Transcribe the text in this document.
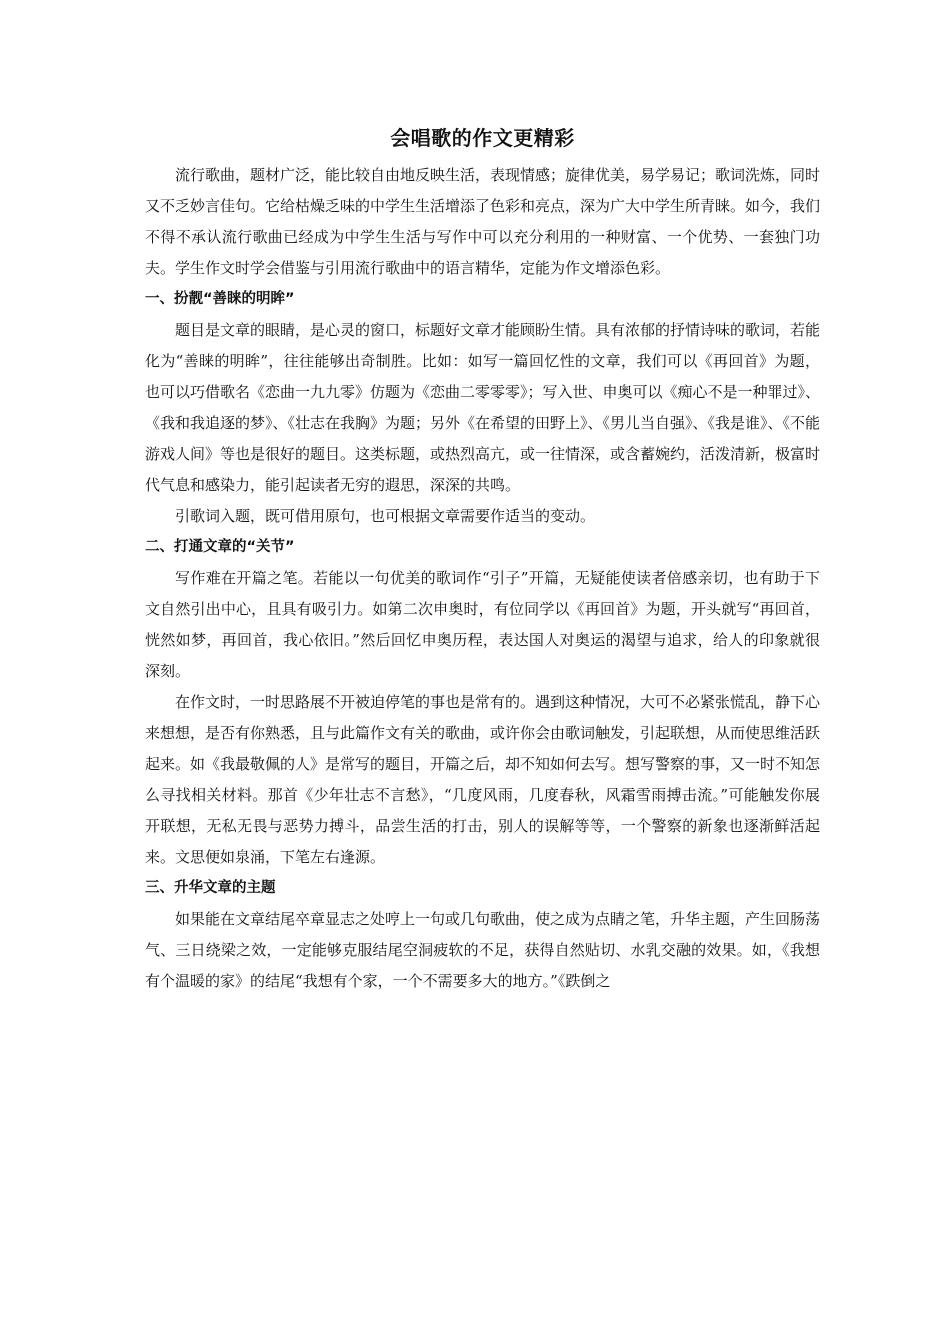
会唱歌的作文更精彩

流行歌曲，题材广泛，能比较自由地反映生活，表现情感；旋律优美，易学易记；歌词洗炼，同时又不乏妙言佳句。它给枯燥乏味的中学生生活增添了色彩和亮点，深为广大中学生所青睐。如今，我们不得不承认流行歌曲已经成为中学生生活与写作中可以充分利用的一种财富、一个优势、一套独门功夫。学生作文时学会借鉴与引用流行歌曲中的语言精华，定能为作文增添色彩。

一、扮靓“善睐的明眸”

题目是文章的眼睛，是心灵的窗口，标题好文章才能顾盼生情。具有浓郁的抒情诗味的歌词，若能化为“善睐的明眸”，往往能够出奇制胜。比如：如写一篇回忆性的文章，我们可以《再回首》为题，也可以巧借歌名《恋曲一九九零》仿题为《恋曲二零零零》；写入世、申奥可以《痴心不是一种罪过》、《我和我追逐的梦》、《壮志在我胸》为题；另外《在希望的田野上》、《男儿当自强》、《我是谁》、《不能游戏人间》等也是很好的题目。这类标题，或热烈高亢，或一往情深，或含蓄婉约，活泼清新，极富时代气息和感染力，能引起读者无穷的遐思，深深的共鸣。

引歌词入题，既可借用原句，也可根据文章需要作适当的变动。

二、打通文章的“关节”

写作难在开篇之笔。若能以一句优美的歌词作“引子”开篇，无疑能使读者倍感亲切，也有助于下文自然引出中心，且具有吸引力。如第二次申奥时，有位同学以《再回首》为题，开头就写“再回首，恍然如梦，再回首，我心依旧。”然后回忆申奥历程，表达国人对奥运的渴望与追求，给人的印象就很深刻。

在作文时，一时思路展不开被迫停笔的事也是常有的。遇到这种情况，大可不必紧张慌乱，静下心来想想，是否有你熟悉，且与此篇作文有关的歌曲，或许你会由歌词触发，引起联想，从而使思维活跃起来。如《我最敬佩的人》是常写的题目，开篇之后，却不知如何去写。想写警察的事，又一时不知怎么寻找相关材料。那首《少年壮志不言愁》，“几度风雨，几度春秋，风霜雪雨搏击流。”可能触发你展开联想，无私无畏与恶势力搏斗，品尝生活的打击，别人的误解等等，一个警察的新象也逐渐鲜活起来。文思便如泉涌，下笔左右逢源。

三、升华文章的主题

如果能在文章结尾卒章显志之处哼上一句或几句歌曲，使之成为点睛之笔，升华主题，产生回肠荡气、三日绕梁之效，一定能够克服结尾空洞疲软的不足，获得自然贴切、水乳交融的效果。如，《我想有个温暖的家》的结尾“我想有个家，一个不需要多大的地方。”《跌倒之
